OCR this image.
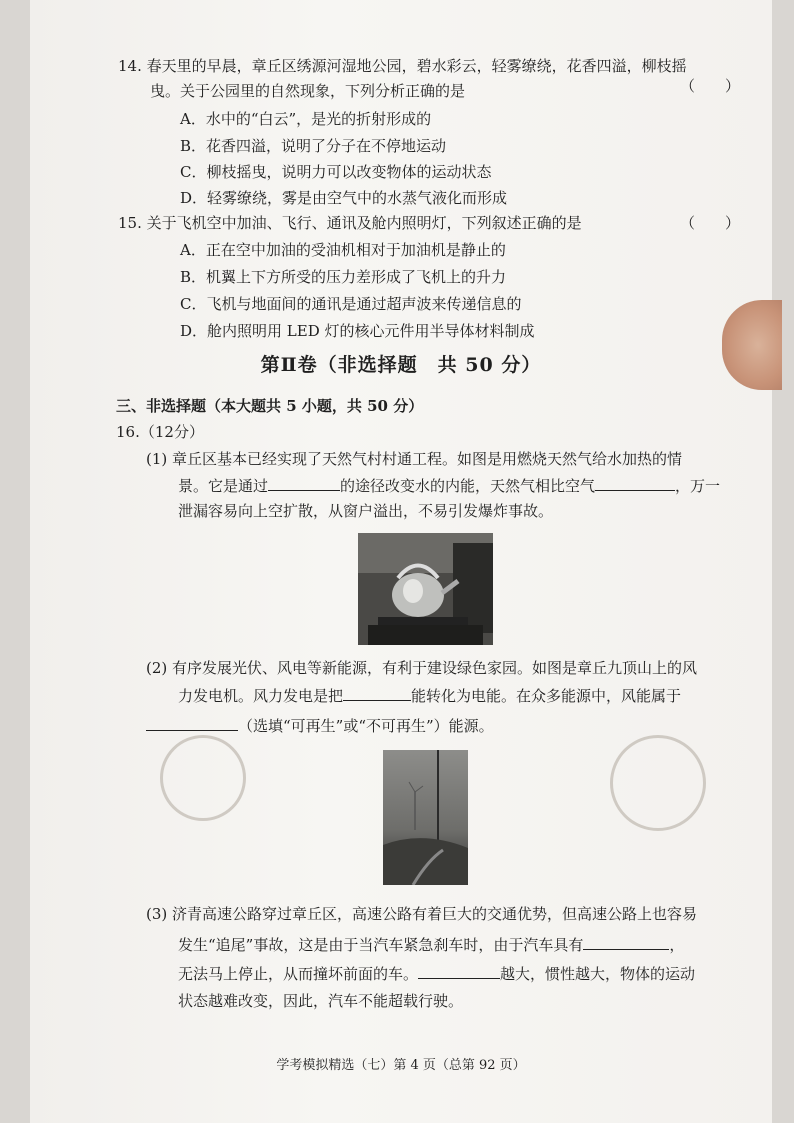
14. 春天里的早晨，章丘区绣源河湿地公园，碧水彩云，轻雾缭绕，花香四溢，柳枝摇
曳。关于公园里的自然现象，下列分析正确的是	（　　）
A．水中的“白云”，是光的折射形成的
B．花香四溢，说明了分子在不停地运动
C．柳枝摇曳，说明力可以改变物体的运动状态
D．轻雾缭绕，雾是由空气中的水蒸气液化而形成
15. 关于飞机空中加油、飞行、通讯及舱内照明灯，下列叙述正确的是	（　　）
A．正在空中加油的受油机相对于加油机是静止的
B．机翼上下方所受的压力差形成了飞机上的升力
C．飞机与地面间的通讯是通过超声波来传递信息的
D．舱内照明用 LED 灯的核心元件用半导体材料制成
第Ⅱ卷（非选择题　共 50 分）
三、非选择题（本大题共 5 小题，共 50 分）
16.（12分）
(1) 章丘区基本已经实现了天然气村村通工程。如图是用燃烧天然气给水加热的情
景。它是通过	的途径改变水的内能，天然气相比空气	，万一
泄漏容易向上空扩散，从窗户溢出，不易引发爆炸事故。
(2) 有序发展光伏、风电等新能源，有利于建设绿色家园。如图是章丘九顶山上的风
力发电机。风力发电是把	能转化为电能。在众多能源中，风能属于
（选填“可再生”或“不可再生”）能源。
(3) 济青高速公路穿过章丘区，高速公路有着巨大的交通优势，但高速公路上也容易
发生“追尾”事故，这是由于当汽车紧急刹车时，由于汽车具有	，
无法马上停止，从而撞坏前面的车。	越大，惯性越大，物体的运动
状态越难改变，因此，汽车不能超载行驶。
学考模拟精选（七）第 4 页（总第 92 页）
